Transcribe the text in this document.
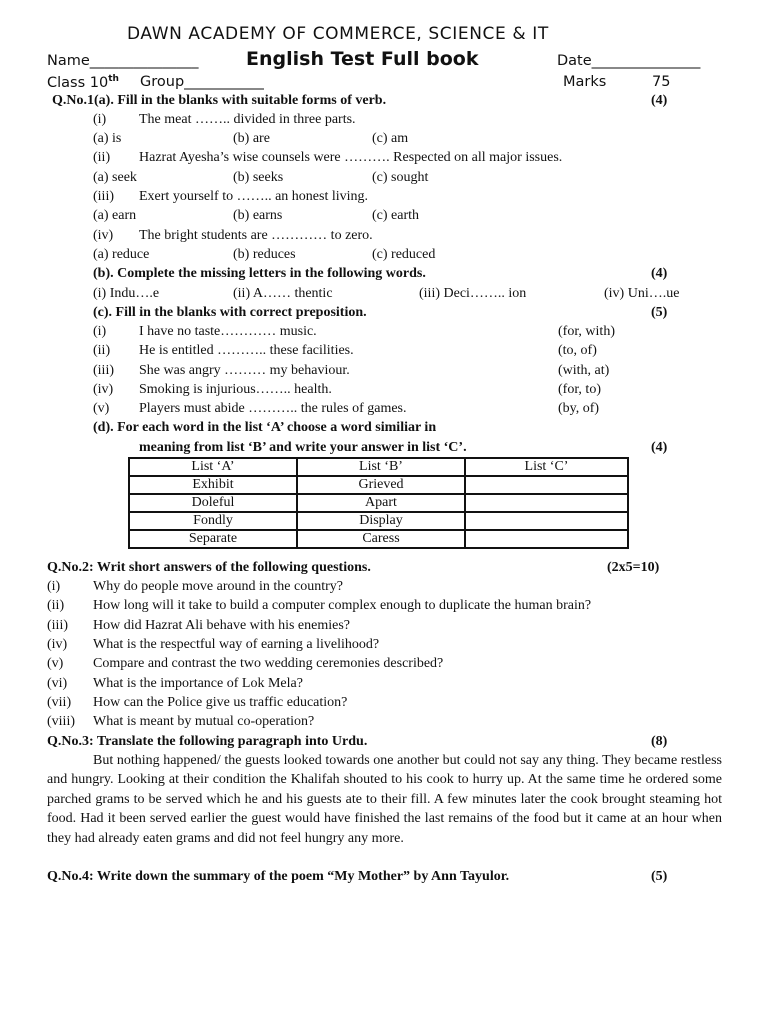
DAWN ACADEMY OF COMMERCE, SCIENCE & IT
Name_______________ English Test Full book	Date_______________
Class 10th Group___________	Marks	75
Q.No.1(a). Fill in the blanks with suitable forms of verb.	(4)
(i) The meat …….. divided in three parts.
(a) is	(b) are	(c) am
(ii) Hazrat Ayesha’s wise counsels were ………. Respected on all major issues.
(a) seek	(b) seeks	(c) sought
(iii) Exert yourself to …….. an honest living.
(a) earn	(b) earns	(c) earth
(iv) The bright students are ………… to zero.
(a) reduce	(b) reduces	(c) reduced
(b). Complete the missing letters in the following words.	(4)
(i) Indu….e	(ii) A…… thentic	(iii) Deci…….. ion	(iv) Uni….ue
(c). Fill in the blanks with correct preposition.	(5)
(i) I have no taste………… music.	(for, with)
(ii) He is entitled ……….. these facilities.	(to, of)
(iii) She was angry ……… my behaviour.	(with, at)
(iv) Smoking is injurious…….. health.	(for, to)
(v) Players must abide ……….. the rules of games.	(by, of)
(d). For each word in the list ‘A’ choose a word similiar in
meaning from list ‘B’ and write your answer in list ‘C’.	(4)
List ‘A’	List ‘B’	List ‘C’
Exhibit	Grieved	
Doleful	Apart	
Fondly	Display	
Separate	Caress	
Q.No.2: Writ short answers of the following questions.	(2x5=10)
(i) Why do people move around in the country?
(ii) How long will it take to build a computer complex enough to duplicate the human brain?
(iii) How did Hazrat Ali behave with his enemies?
(iv) What is the respectful way of earning a livelihood?
(v) Compare and contrast the two wedding ceremonies described?
(vi) What is the importance of Lok Mela?
(vii) How can the Police give us traffic education?
(viii) What is meant by mutual co-operation?
Q.No.3: Translate the following paragraph into Urdu.	(8)
But nothing happened/ the guests looked towards one another but could not say any thing. They became restless and hungry. Looking at their condition the Khalifah shouted to his cook to hurry up. At the same time he ordered some parched grams to be served which he and his guests ate to their fill. A few minutes later the cook brought steaming hot food. Had it been served earlier the guest would have finished the last remains of the food but it came at an hour when they had already eaten grams and did not feel hungry any more.
Q.No.4: Write down the summary of the poem “My Mother” by Ann Tayulor.	(5)
